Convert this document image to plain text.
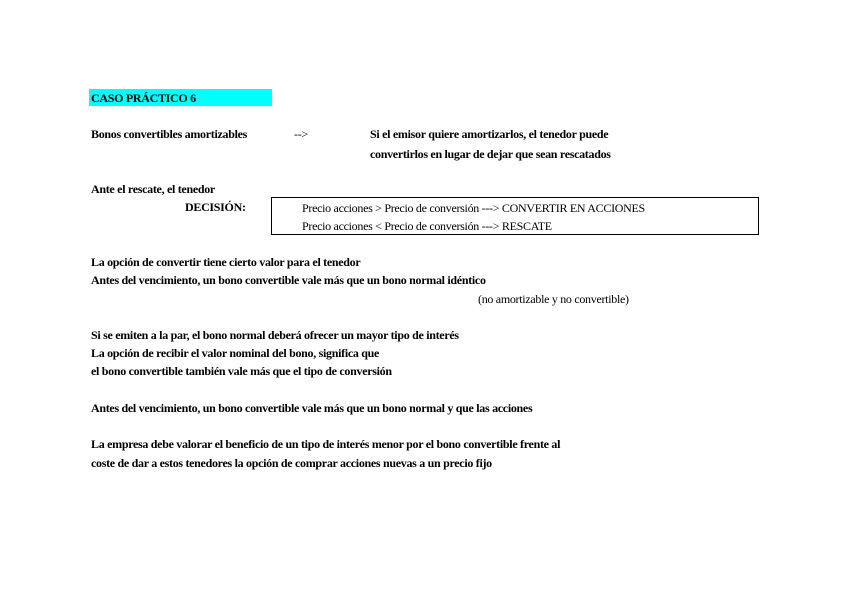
CASO PRÁCTICO 6
Bonos convertibles amortizables	-->	Si el emisor quiere amortizarlos, el tenedor puede
convertirlos en lugar de dejar que sean rescatados
Ante el rescate, el tenedor
DECISIÓN:	Precio acciones > Precio de conversión ---> CONVERTIR EN ACCIONES
Precio acciones < Precio de conversión ---> RESCATE
La opción de convertir tiene cierto valor para el tenedor
Antes del vencimiento, un bono convertible vale más que un bono normal idéntico
(no amortizable y no convertible)
Si se emiten a la par, el bono normal deberá ofrecer un mayor tipo de interés
La opción de recibir el valor nominal del bono, significa que
el bono convertible también vale más que el tipo de conversión
Antes del vencimiento, un bono convertible vale más que un bono normal y que las acciones
La empresa debe valorar el beneficio de un tipo de interés menor por el bono convertible frente al
coste de dar a estos tenedores la opción de comprar acciones nuevas a un precio fijo
